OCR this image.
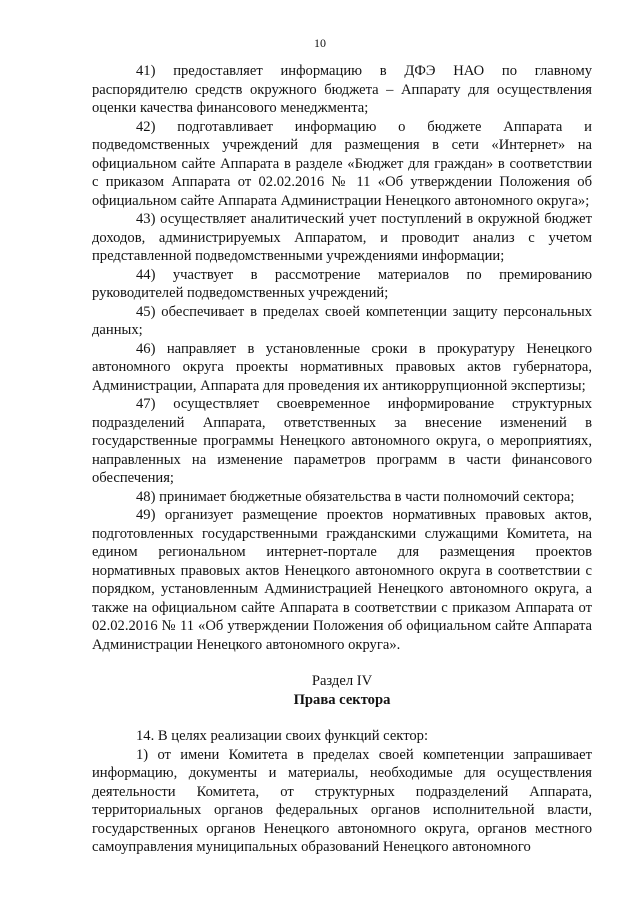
10

41) предоставляет информацию в ДФЭ НАО по главному распорядителю средств окружного бюджета – Аппарату для осуществления оценки качества финансового менеджмента;

42) подготавливает информацию о бюджете Аппарата и подведомственных учреждений для размещения в сети «Интернет» на официальном сайте Аппарата в разделе «Бюджет для граждан» в соответствии с приказом Аппарата от 02.02.2016 № 11 «Об утверждении Положения об официальном сайте Аппарата Администрации Ненецкого автономного округа»;

43) осуществляет аналитический учет поступлений в окружной бюджет доходов, администрируемых Аппаратом, и проводит анализ с учетом представленной подведомственными учреждениями информации;

44) участвует в рассмотрение материалов по премированию руководителей подведомственных учреждений;

45) обеспечивает в пределах своей компетенции защиту персональных данных;

46) направляет в установленные сроки в прокуратуру Ненецкого автономного округа проекты нормативных правовых актов губернатора, Администрации, Аппарата для проведения их антикоррупционной экспертизы;

47) осуществляет своевременное информирование структурных подразделений Аппарата, ответственных за внесение изменений в государственные программы Ненецкого автономного округа, о мероприятиях, направленных на изменение параметров программ в части финансового обеспечения;

48) принимает бюджетные обязательства в части полномочий сектора;

49) организует размещение проектов нормативных правовых актов, подготовленных государственными гражданскими служащими Комитета, на едином региональном интернет-портале для размещения проектов нормативных правовых актов Ненецкого автономного округа в соответствии с порядком, установленным Администрацией Ненецкого автономного округа, а также на официальном сайте Аппарата в соответствии с приказом Аппарата от 02.02.2016 № 11 «Об утверждении Положения об официальном сайте Аппарата Администрации Ненецкого автономного округа».

Раздел IV

Права сектора

14. В целях реализации своих функций сектор:

1) от имени Комитета в пределах своей компетенции запрашивает информацию, документы и материалы, необходимые для осуществления деятельности Комитета, от структурных подразделений Аппарата, территориальных органов федеральных органов исполнительной власти, государственных органов Ненецкого автономного округа, органов местного самоуправления муниципальных образований Ненецкого автономного
